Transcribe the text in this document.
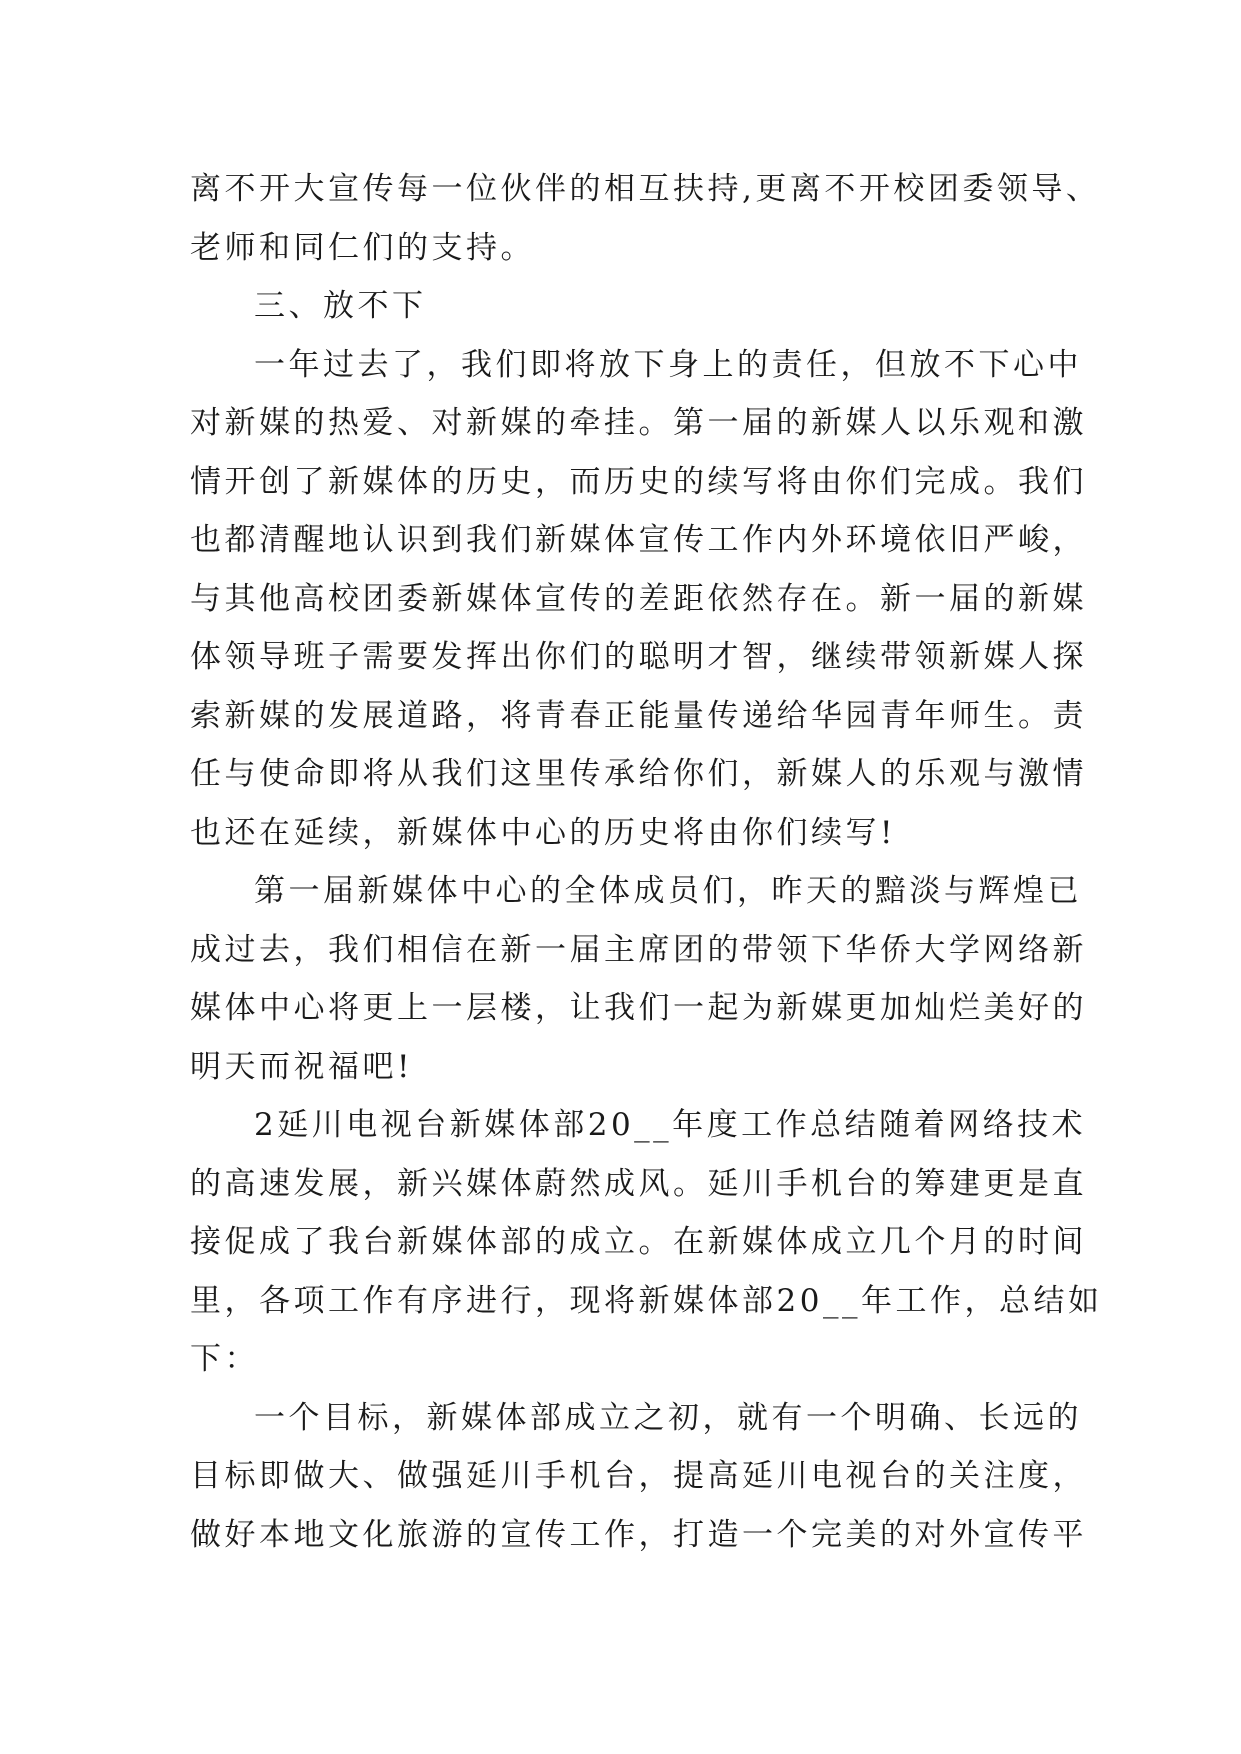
离不开大宣传每一位伙伴的相互扶持,更离不开校团委领导、
老师和同仁们的支持。
三、放不下
一年过去了，我们即将放下身上的责任，但放不下心中
对新媒的热爱、对新媒的牵挂。第一届的新媒人以乐观和激
情开创了新媒体的历史，而历史的续写将由你们完成。我们
也都清醒地认识到我们新媒体宣传工作内外环境依旧严峻，
与其他高校团委新媒体宣传的差距依然存在。新一届的新媒
体领导班子需要发挥出你们的聪明才智，继续带领新媒人探
索新媒的发展道路，将青春正能量传递给华园青年师生。责
任与使命即将从我们这里传承给你们，新媒人的乐观与激情
也还在延续，新媒体中心的历史将由你们续写!
第一届新媒体中心的全体成员们，昨天的黯淡与辉煌已
成过去，我们相信在新一届主席团的带领下华侨大学网络新
媒体中心将更上一层楼，让我们一起为新媒更加灿烂美好的
明天而祝福吧!
2延川电视台新媒体部20__年度工作总结随着网络技术
的高速发展，新兴媒体蔚然成风。延川手机台的筹建更是直
接促成了我台新媒体部的成立。在新媒体成立几个月的时间
里，各项工作有序进行，现将新媒体部20__年工作，总结如
下：
一个目标，新媒体部成立之初，就有一个明确、长远的
目标即做大、做强延川手机台，提高延川电视台的关注度，
做好本地文化旅游的宣传工作，打造一个完美的对外宣传平
